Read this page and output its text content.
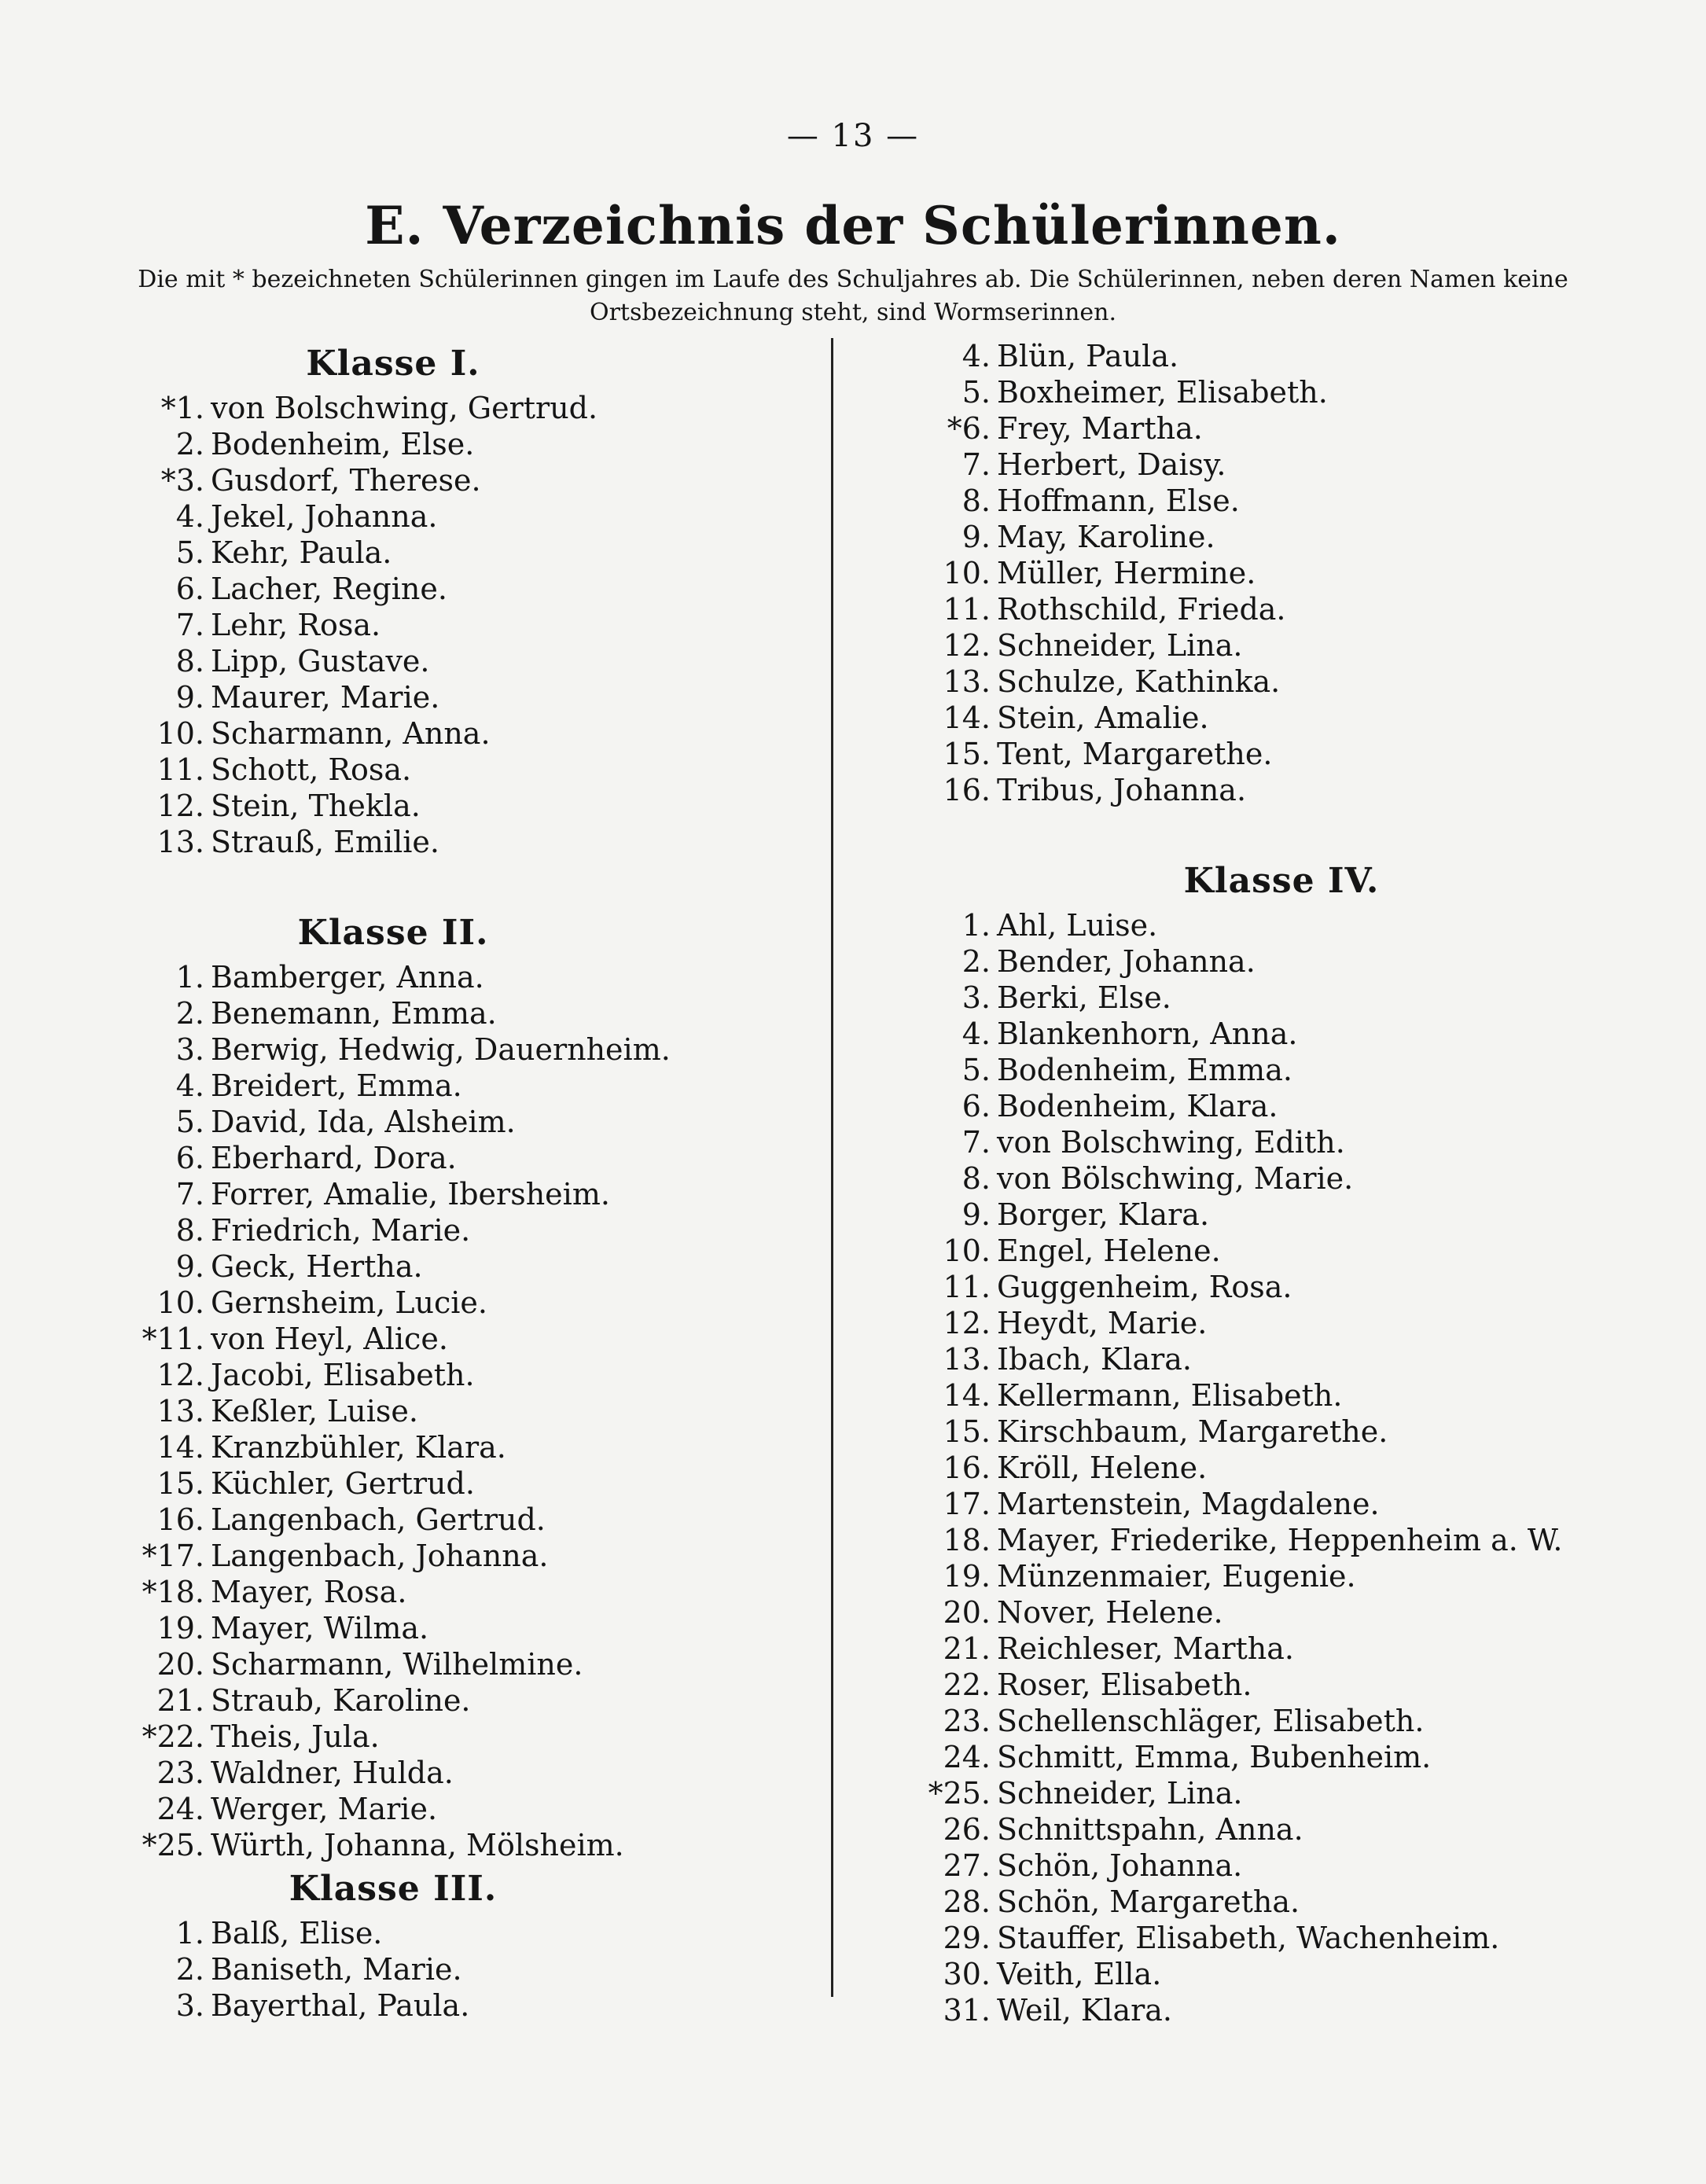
— 13 —
E. Verzeichnis der Schülerinnen.
Die mit * bezeichneten Schülerinnen gingen im Laufe des Schuljahres ab. Die Schülerinnen, neben deren Namen keine Ortsbezeichnung steht, sind Wormserinnen.
Klasse I.
*1. von Bolschwing, Gertrud.
2. Bodenheim, Else.
*3. Gusdorf, Therese.
4. Jekel, Johanna.
5. Kehr, Paula.
6. Lacher, Regine.
7. Lehr, Rosa.
8. Lipp, Gustave.
9. Maurer, Marie.
10. Scharmann, Anna.
11. Schott, Rosa.
12. Stein, Thekla.
13. Strauß, Emilie.
Klasse II.
1. Bamberger, Anna.
2. Benemann, Emma.
3. Berwig, Hedwig, Dauernheim.
4. Breidert, Emma.
5. David, Ida, Alsheim.
6. Eberhard, Dora.
7. Forrer, Amalie, Ibersheim.
8. Friedrich, Marie.
9. Geck, Hertha.
10. Gernsheim, Lucie.
*11. von Heyl, Alice.
12. Jacobi, Elisabeth.
13. Keßler, Luise.
14. Kranzbühler, Klara.
15. Küchler, Gertrud.
16. Langenbach, Gertrud.
*17. Langenbach, Johanna.
*18. Mayer, Rosa.
19. Mayer, Wilma.
20. Scharmann, Wilhelmine.
21. Straub, Karoline.
*22. Theis, Jula.
23. Waldner, Hulda.
24. Werger, Marie.
*25. Würth, Johanna, Mölsheim.
Klasse III.
1. Balß, Elise.
2. Baniseth, Marie.
3. Bayerthal, Paula.
4. Blün, Paula.
5. Boxheimer, Elisabeth.
*6. Frey, Martha.
7. Herbert, Daisy.
8. Hoffmann, Else.
9. May, Karoline.
10. Müller, Hermine.
11. Rothschild, Frieda.
12. Schneider, Lina.
13. Schulze, Kathinka.
14. Stein, Amalie.
15. Tent, Margarethe.
16. Tribus, Johanna.
Klasse IV.
1. Ahl, Luise.
2. Bender, Johanna.
3. Berki, Else.
4. Blankenhorn, Anna.
5. Bodenheim, Emma.
6. Bodenheim, Klara.
7. von Bolschwing, Edith.
8. von Bölschwing, Marie.
9. Borger, Klara.
10. Engel, Helene.
11. Guggenheim, Rosa.
12. Heydt, Marie.
13. Ibach, Klara.
14. Kellermann, Elisabeth.
15. Kirschbaum, Margarethe.
16. Kröll, Helene.
17. Martenstein, Magdalene.
18. Mayer, Friederike, Heppenheim a. W.
19. Münzenmaier, Eugenie.
20. Nover, Helene.
21. Reichleser, Martha.
22. Roser, Elisabeth.
23. Schellenschläger, Elisabeth.
24. Schmitt, Emma, Bubenheim.
*25. Schneider, Lina.
26. Schnittspahn, Anna.
27. Schön, Johanna.
28. Schön, Margaretha.
29. Stauffer, Elisabeth, Wachenheim.
30. Veith, Ella.
31. Weil, Klara.
